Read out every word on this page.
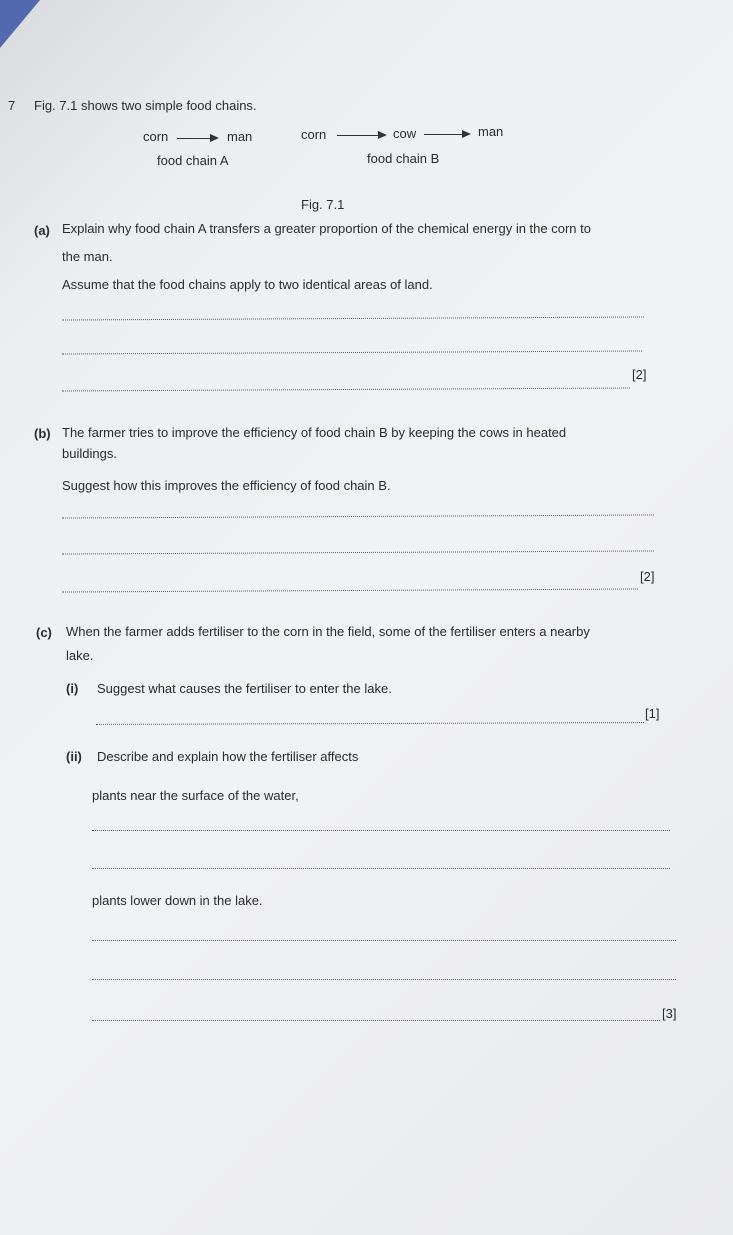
7 Fig. 7.1 shows two simple food chains.
corn	man	corn	cow	man
food chain A	food chain B
Fig. 7.1
(a) Explain why food chain A transfers a greater proportion of the chemical energy in the corn to
the man.
Assume that the food chains apply to two identical areas of land.
[2]
(b) The farmer tries to improve the efficiency of food chain B by keeping the cows in heated
buildings.
Suggest how this improves the efficiency of food chain B.
[2]
(c) When the farmer adds fertiliser to the corn in the field, some of the fertiliser enters a nearby
lake.
(i) Suggest what causes the fertiliser to enter the lake.
[1]
(ii) Describe and explain how the fertiliser affects
plants near the surface of the water,
plants lower down in the lake.
[3]
